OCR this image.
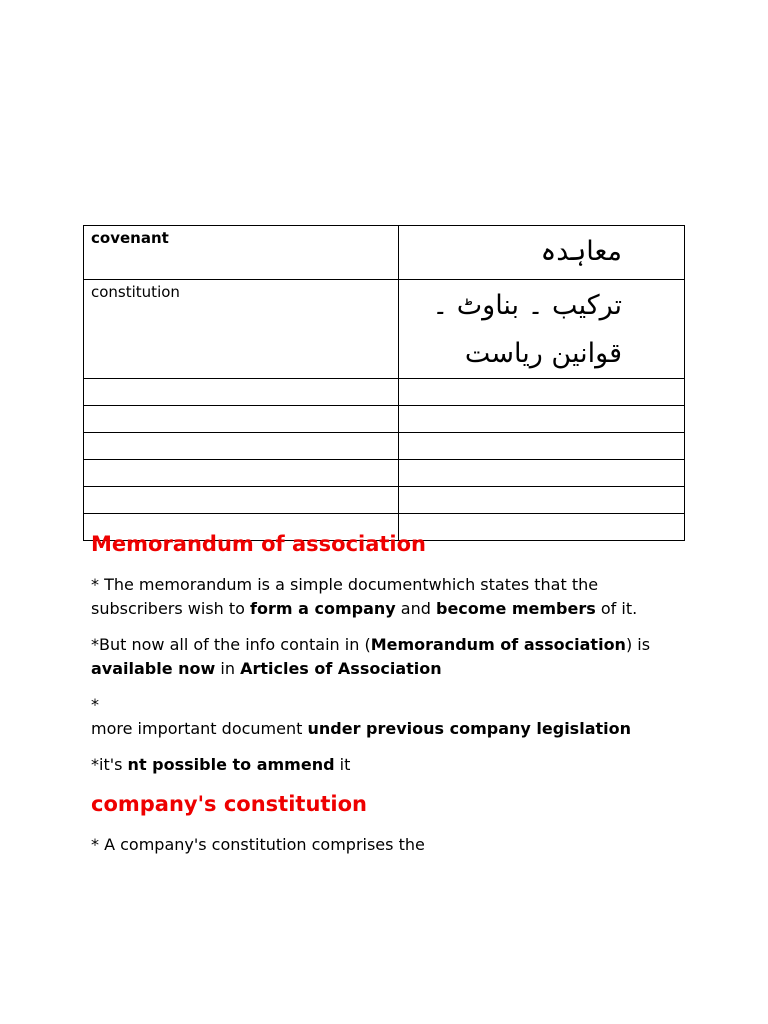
covenant	معاہدہ
constitution	ترکیب ۔ بناوٹ ۔ قوانین ریاست

Memorandum of association

* The memorandum is a simple documentwhich states that the subscribers wish to form a company and become members of it.

*But now all of the info contain in (Memorandum of association) is available now in Articles of Association

*
more important document under previous company legislation

*it's nt possible to ammend it

company's constitution

* A company's constitution comprises the
